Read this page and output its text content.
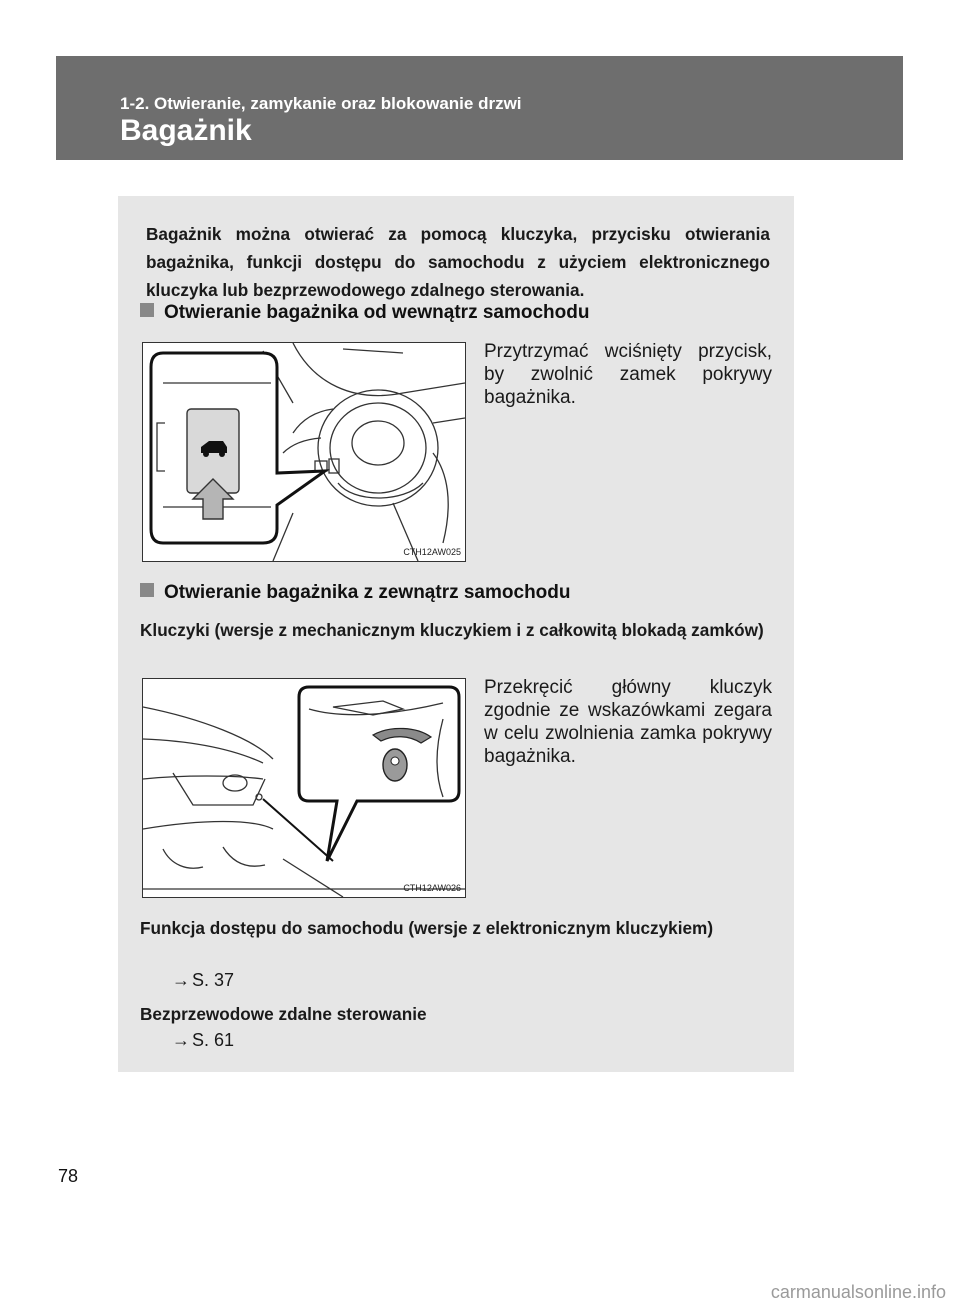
1-2. Otwieranie, zamykanie oraz blokowanie drzwi
Bagażnik
Bagażnik można otwierać za pomocą kluczyka, przycisku otwierania bagażnika, funkcji dostępu do samochodu z użyciem elektronicznego kluczyka lub bezprzewodowego zdalnego sterowania.
Otwieranie bagażnika od wewnątrz samochodu
CTH12AW025
Przytrzymać wciśnięty przycisk, by zwolnić zamek pokrywy bagażnika.
Otwieranie bagażnika z zewnątrz samochodu
Kluczyki (wersje z mechanicznym kluczykiem i z całkowitą blokadą zamków)
CTH12AW026
Przekręcić główny kluczyk zgodnie ze wskazówkami zegara w celu zwolnienia zamka pokrywy bagażnika.
Funkcja dostępu do samochodu (wersje z elektronicznym kluczykiem)
→ S. 37
Bezprzewodowe zdalne sterowanie
→ S. 61
78
carmanualsonline.info
